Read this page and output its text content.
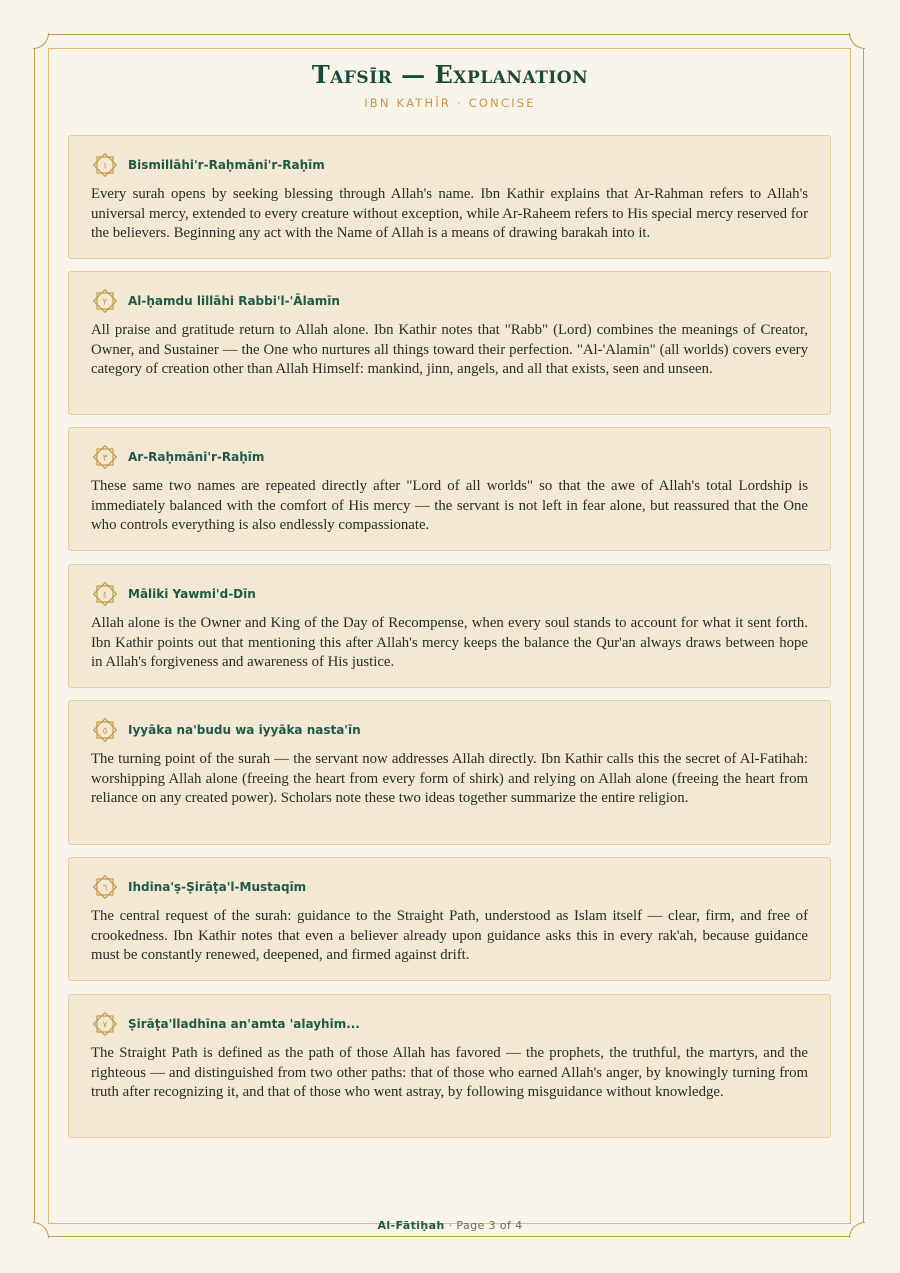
Tafsīr — Explanation
IBN KATHĪR · CONCISE
١ Bismillāhi'r-Raḥmāni'r-Raḥīm
Every surah opens by seeking blessing through Allah's name. Ibn Kathir explains that Ar-Rahman refers to Allah's universal mercy, extended to every creature without exception, while Ar-Raheem refers to His special mercy reserved for the believers. Beginning any act with the Name of Allah is a means of drawing barakah into it.
٢ Al-ḥamdu lillāhi Rabbi'l-'Ālamīn
All praise and gratitude return to Allah alone. Ibn Kathir notes that "Rabb" (Lord) combines the meanings of Creator, Owner, and Sustainer — the One who nurtures all things toward their perfection. "Al-'Alamin" (all worlds) covers every category of creation other than Allah Himself: mankind, jinn, angels, and all that exists, seen and unseen.
٣ Ar-Raḥmāni'r-Raḥīm
These same two names are repeated directly after "Lord of all worlds" so that the awe of Allah's total Lordship is immediately balanced with the comfort of His mercy — the servant is not left in fear alone, but reassured that the One who controls everything is also endlessly compassionate.
٤ Māliki Yawmi'd-Dīn
Allah alone is the Owner and King of the Day of Recompense, when every soul stands to account for what it sent forth. Ibn Kathir points out that mentioning this after Allah's mercy keeps the balance the Qur'an always draws between hope in Allah's forgiveness and awareness of His justice.
٥ Iyyāka na'budu wa iyyāka nasta'īn
The turning point of the surah — the servant now addresses Allah directly. Ibn Kathir calls this the secret of Al-Fatihah: worshipping Allah alone (freeing the heart from every form of shirk) and relying on Allah alone (freeing the heart from reliance on any created power). Scholars note these two ideas together summarize the entire religion.
٦ Ihdina'ṣ-Ṣirāṭa'l-Mustaqīm
The central request of the surah: guidance to the Straight Path, understood as Islam itself — clear, firm, and free of crookedness. Ibn Kathir notes that even a believer already upon guidance asks this in every rak'ah, because guidance must be constantly renewed, deepened, and firmed against drift.
٧ Ṣirāṭa'lladhīna an'amta 'alayhim...
The Straight Path is defined as the path of those Allah has favored — the prophets, the truthful, the martyrs, and the righteous — and distinguished from two other paths: that of those who earned Allah's anger, by knowingly turning from truth after recognizing it, and that of those who went astray, by following misguidance without knowledge.
Al-Fātiḥah · Page 3 of 4
